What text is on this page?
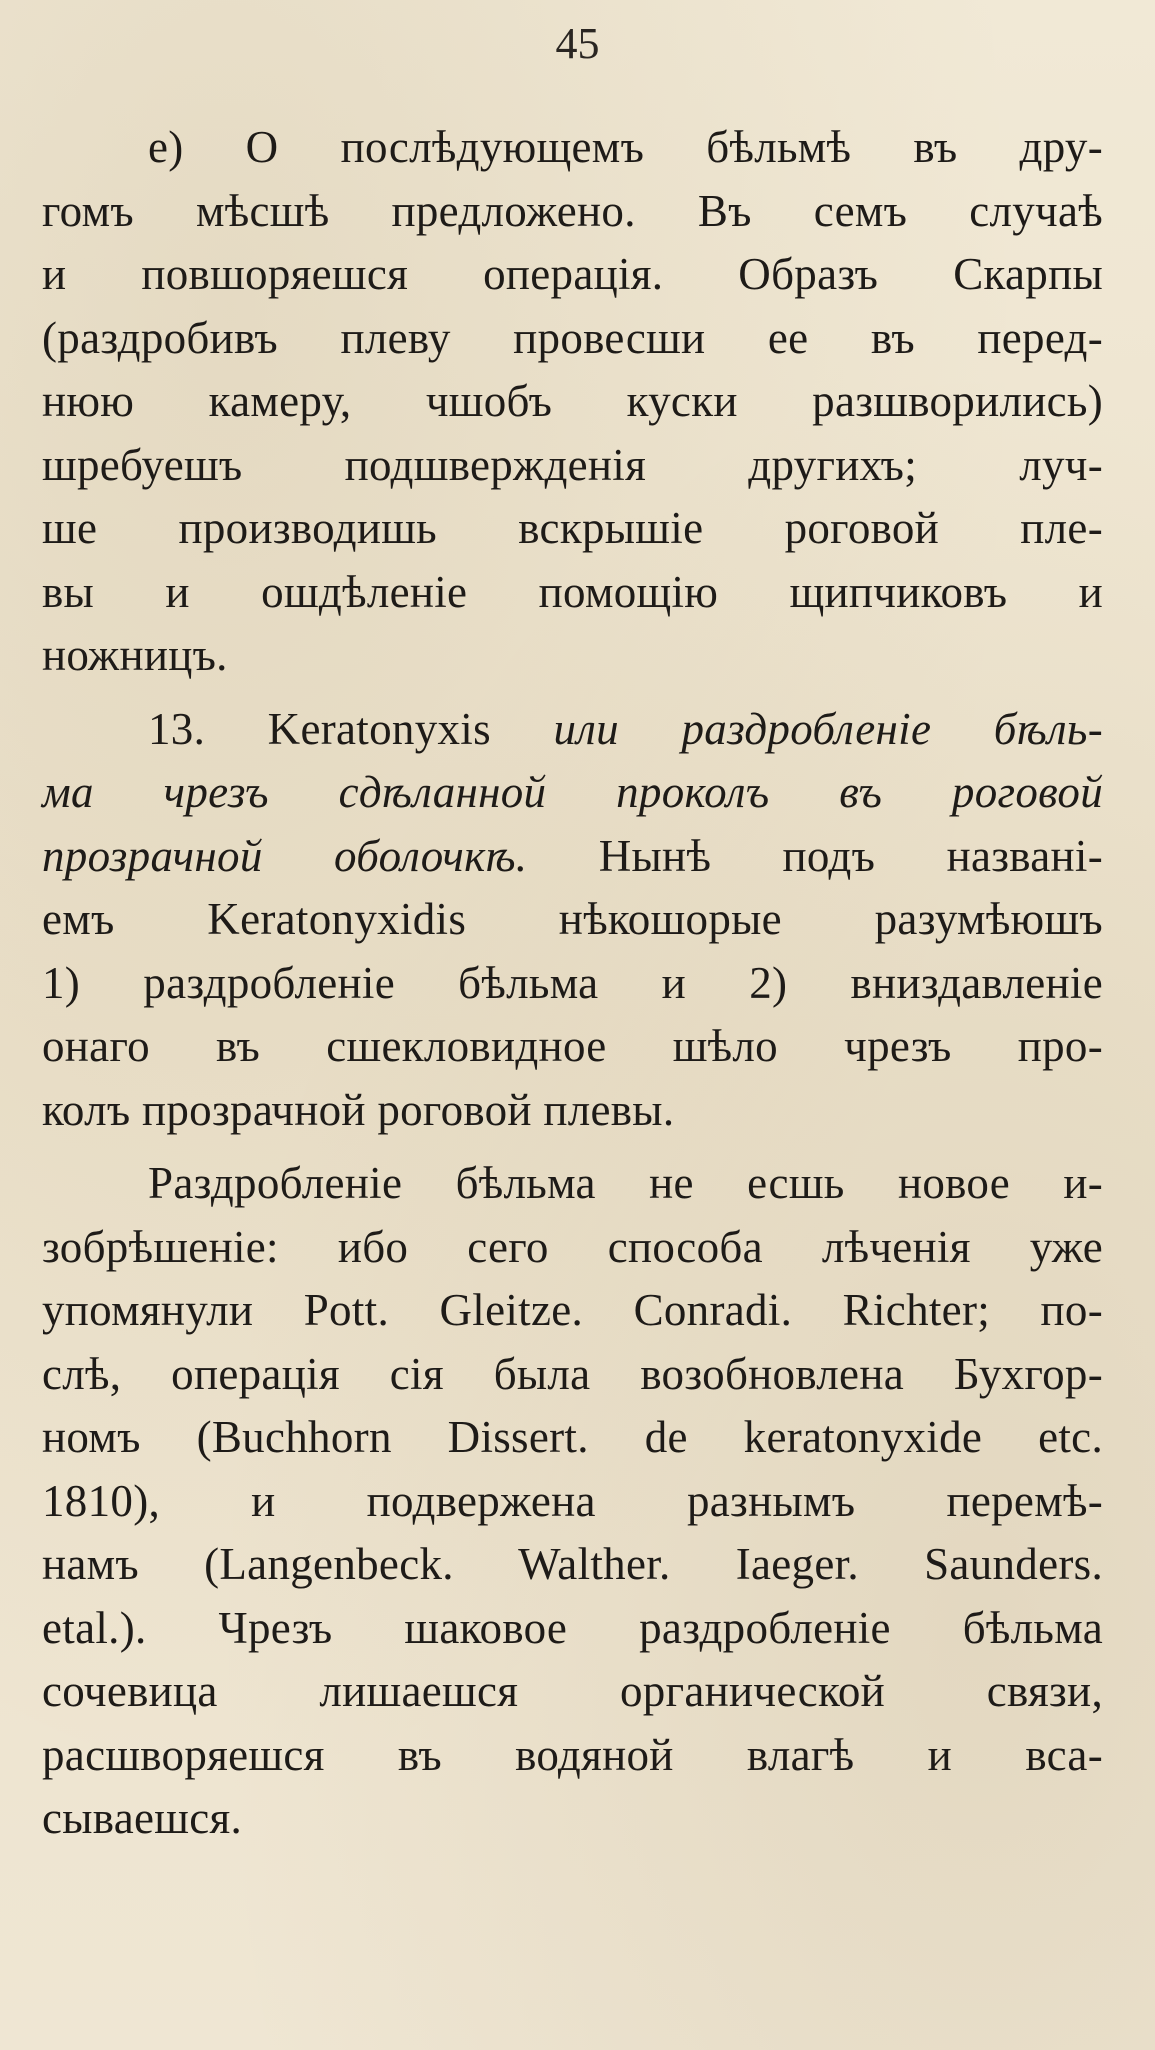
45
е) О послѣдующемъ бѣльмѣ въ дру-
гомъ мѣсшѣ предложено. Въ семъ случаѣ
и повшоряешся операція. Образъ Скарпы
(раздробивъ плеву провесши ее въ перед-
нюю камеру, чшобъ куски разшворились)
шребуешъ подшвержденія другихъ; луч-
ше производишь вскрышіе роговой пле-
вы и ошдѣленіе помощію щипчиковъ и
ножницъ.
13. Keratonyxis или раздробленіе бѣль-
ма чрезъ сдѣланной проколъ въ роговой
прозрачной оболочкѣ. Нынѣ подъ названі-
емъ Keratonyxidis нѣкошорые разумѣюшъ
1) раздробленіе бѣльма и 2) вниздавленіе
онаго въ сшекловидное шѣло чрезъ про-
колъ прозрачной роговой плевы.
Раздробленіе бѣльма не есшь новое и-
зобрѣшеніе: ибо сего способа лѣченія уже
упомянули Pott. Gleitze. Conradi. Richter; по-
слѣ, операція сія была возобновлена Бухгор-
номъ (Buchhorn Dissert. de keratonyxide etc.
1810), и подвержена разнымъ перемѣ-
намъ (Langenbeck. Walther. Iaeger. Saunders.
etal.). Чрезъ шаковое раздробленіе бѣльма
сочевица лишаешся органической связи,
расшворяешся въ водяной влагѣ и вса-
сываешся.
